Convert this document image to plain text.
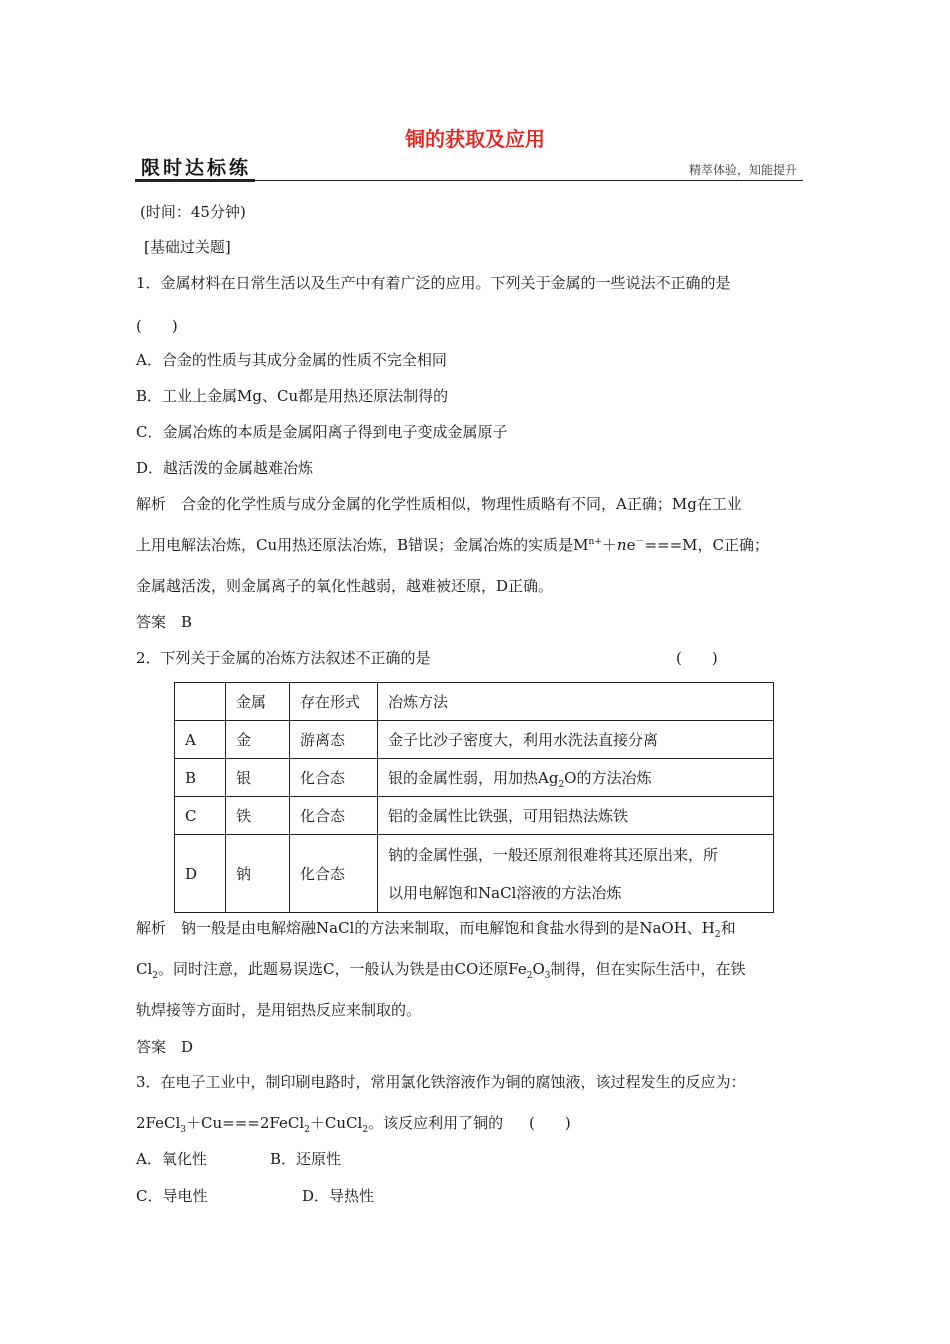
铜的获取及应用
限时达标练	精萃体验，知能提升
(时间：45分钟)
[基础过关题]
1．金属材料在日常生活以及生产中有着广泛的应用。下列关于金属的一些说法不正确的是
(　　)
A．合金的性质与其成分金属的性质不完全相同
B．工业上金属Mg、Cu都是用热还原法制得的
C．金属冶炼的本质是金属阳离子得到电子变成金属原子
D．越活泼的金属越难冶炼
解析　合金的化学性质与成分金属的化学性质相似，物理性质略有不同，A正确；Mg在工业
上用电解法冶炼，Cu用热还原法冶炼，B错误；金属冶炼的实质是$M^{n+}+ne^-===M$，C正确；
金属越活泼，则金属离子的氧化性越弱，越难被还原，D正确。
答案　B
2．下列关于金属的冶炼方法叙述不正确的是	(　　)
	金属	存在形式	冶炼方法
A	金	游离态	金子比沙子密度大，利用水洗法直接分离
B	银	化合态	银的金属性弱，用加热$Ag_2O$的方法冶炼
C	铁	化合态	铝的金属性比铁强，可用铝热法炼铁
D	钠	化合态	钠的金属性强，一般还原剂很难将其还原出来，所
以用电解饱和NaCl溶液的方法冶炼
解析　钠一般是由电解熔融NaCl的方法来制取，而电解饱和食盐水得到的是NaOH、$H_2$和
$Cl_2$。同时注意，此题易误选C，一般认为铁是由CO还原$Fe_2O_3$制得，但在实际生活中，在铁
轨焊接等方面时，是用铝热反应来制取的。
答案　D
3．在电子工业中，制印刷电路时，常用氯化铁溶液作为铜的腐蚀液，该过程发生的反应为：
2FeCl$_3$＋Cu===2FeCl$_2$＋CuCl$_2$。该反应利用了铜的 (　　)
A．氧化性	B．还原性
C．导电性	D．导热性
